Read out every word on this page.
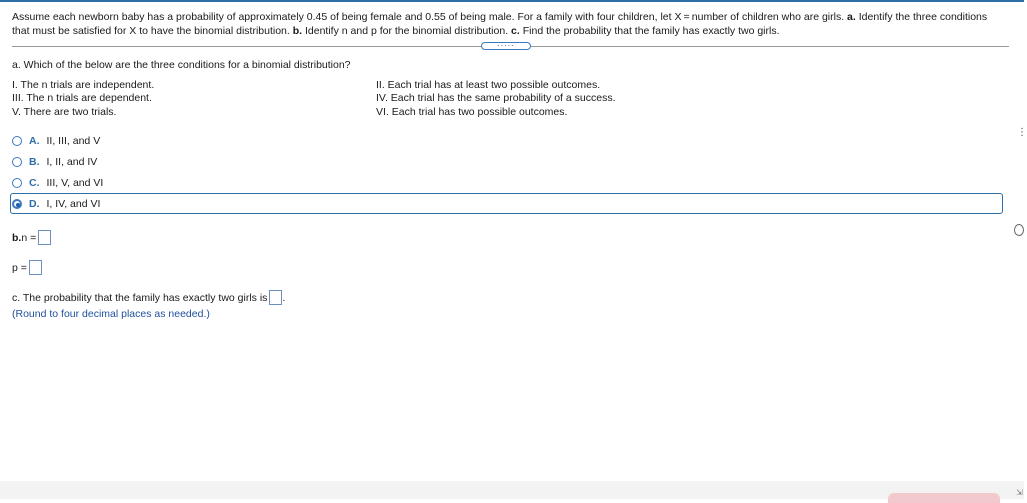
Assume each newborn baby has a probability of approximately 0.45 of being female and 0.55 of being male. For a family with four children, let X = number of children who are girls. a. Identify the three conditions that must be satisfied for X to have the binomial distribution. b. Identify n and p for the binomial distribution. c. Find the probability that the family has exactly two girls.
.....
a. Which of the below are the three conditions for a binomial distribution?
I. The n trials are independent.
III. The n trials are dependent.
V. There are two trials.
II. Each trial has at least two possible outcomes.
IV. Each trial has the same probability of a success.
VI. Each trial has two possible outcomes.
A. II, III, and V
B. I, II, and IV
C. III, V, and VI
D. I, IV, and VI
b. n =
p =
c. The probability that the family has exactly two girls is .
(Round to four decimal places as needed.)
⋮
⇲
